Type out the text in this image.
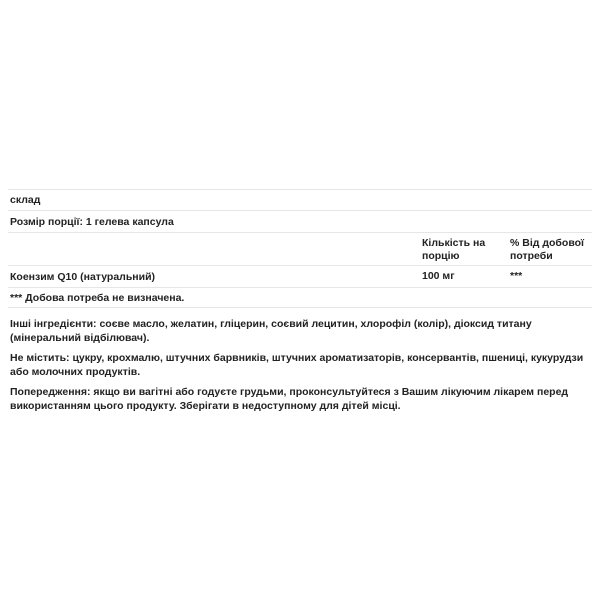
склад
Розмір порції: 1 гелева капсула
Кількість на порцію
% Від добової потреби
Коензим Q10 (натуральний)	100 мг	***
*** Добова потреба не визначена.

Інші інгредієнти: соєве масло, желатин, гліцерин, соєвий лецитин, хлорофіл (колір), діоксид титану (мінеральний відбілювач).

Не містить: цукру, крохмалю, штучних барвників, штучних ароматизаторів, консервантів, пшениці, кукурудзи або молочних продуктів.

Попередження: якщо ви вагітні або годуєте грудьми, проконсультуйтеся з Вашим лікуючим лікарем перед використанням цього продукту. Зберігати в недоступному для дітей місці.
